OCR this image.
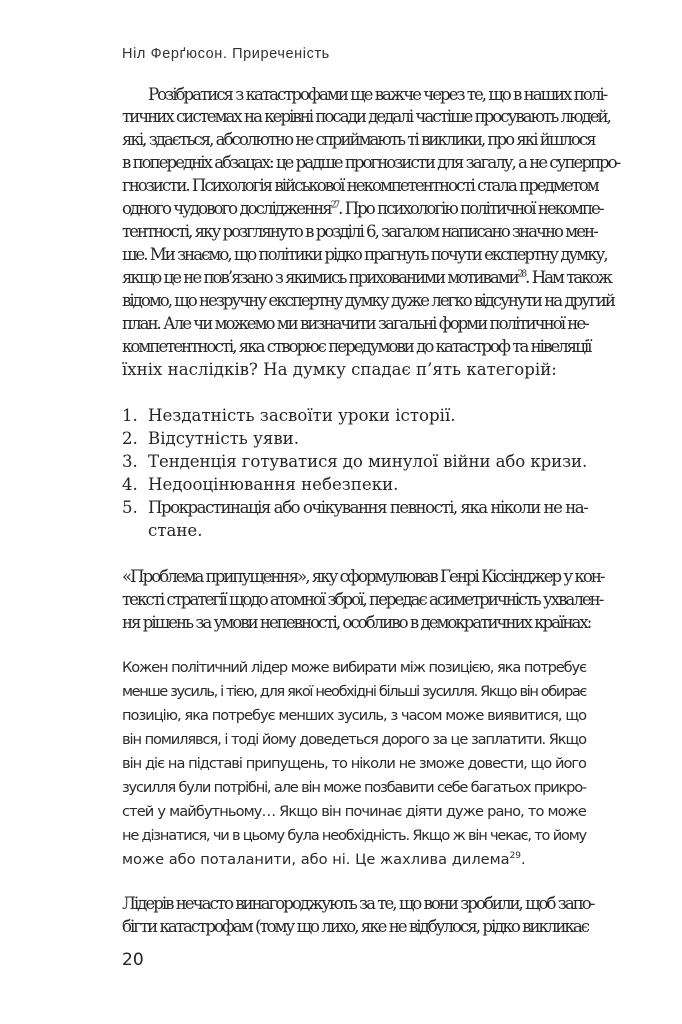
Ніл Ферґюсон. Приреченість
Розібратися з катастрофами ще важче через те, що в наших полі-
тичних системах на керівні посади дедалі частіше просувають людей,
які, здається, абсолютно не сприймають ті виклики, про які йшлося
в попередніх абзацах: це радше прогнозисти для загалу, а не суперпро-
гнозисти. Психологія військової некомпетентності стала предметом
одного чудового дослідження$^{27}$. Про психологію політичної некомпе-
тентності, яку розглянуто в розділі 6, загалом написано значно мен-
ше. Ми знаємо, що політики рідко прагнуть почути експертну думку,
якщо це не пов’язано з якимись прихованими мотивами$^{28}$. Нам також
відомо, що незручну експертну думку дуже легко відсунути на другий
план. Але чи можемо ми визначити загальні форми політичної не-
компетентності, яка створює передумови до катастроф та нівеляції
їхніх наслідків? На думку спадає п’ять категорій:
1. Нездатність засвоїти уроки історії.
2. Відсутність уяви.
3. Тенденція готуватися до минулої війни або кризи.
4. Недооцінювання небезпеки.
5. Прокрастинація або очікування певності, яка ніколи не на-
стане.
«Проблема припущення», яку сформулював Генрі Кіссінджер у кон-
тексті стратегії щодо атомної зброї, передає асиметричність ухвален-
ня рішень за умови непевності, особливо в демократичних країнах:
Кожен політичний лідер може вибирати між позицією, яка потребує
менше зусиль, і тією, для якої необхідні більші зусилля. Якщо він обирає
позицію, яка потребує менших зусиль, з часом може виявитися, що
він помилявся, і тоді йому доведеться дорого за це заплатити. Якщо
він діє на підставі припущень, то ніколи не зможе довести, що його
зусилля були потрібні, але він може позбавити себе багатьох прикро-
стей у майбутньому… Якщо він починає діяти дуже рано, то може
не дізнатися, чи в цьому була необхідність. Якщо ж він чекає, то йому
може або поталанити, або ні. Це жахлива дилема$^{29}$.
Лідерів нечасто винагороджують за те, що вони зробили, щоб запо-
бігти катастрофам (тому що лихо, яке не відбулося, рідко викликає
20
